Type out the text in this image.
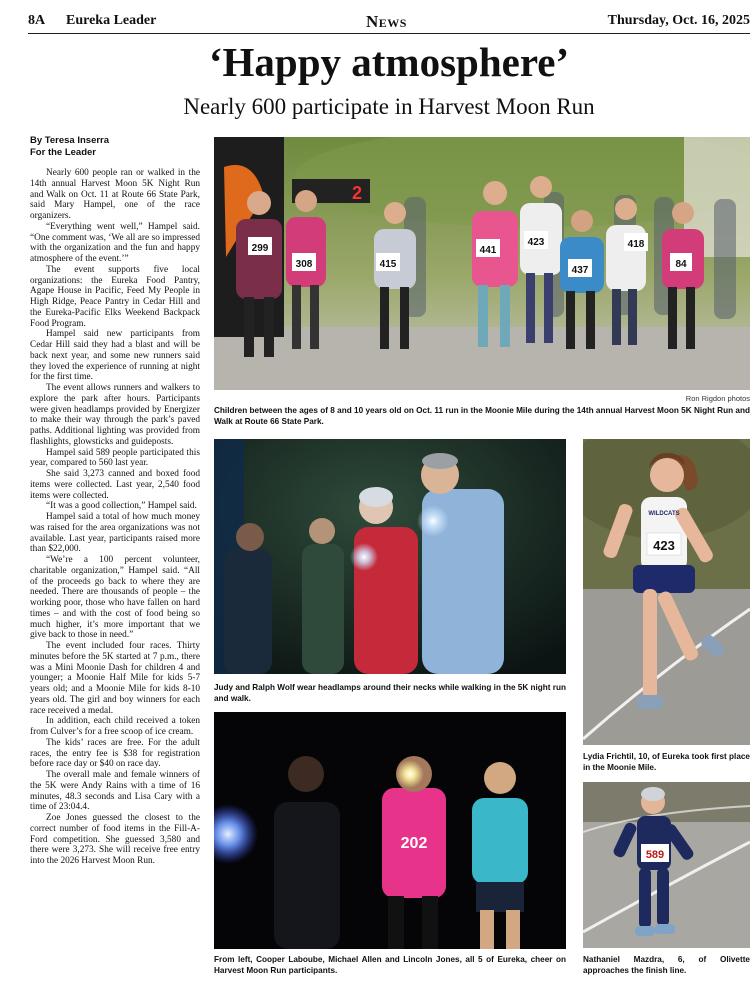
8A Eureka Leader	News	Thursday, Oct. 16, 2025
‘Happy atmosphere’
Nearly 600 participate in Harvest Moon Run
By Teresa Inserra
For the Leader

Nearly 600 people ran or walked in the 14th annual Harvest Moon 5K Night Run and Walk on Oct. 11 at Route 66 State Park, said Mary Hampel, one of the race organizers.

“Everything went well,” Hampel said. “One comment was, ‘We all are so impressed with the organization and the fun and happy atmosphere of the event.’”

The event supports five local organizations: the Eureka Food Pantry, Agape House in Pacific, Feed My People in High Ridge, Peace Pantry in Cedar Hill and the Eureka-Pacific Elks Weekend Backpack Food Program.

Hampel said new participants from Cedar Hill said they had a blast and will be back next year, and some new runners said they loved the experience of running at night for the first time.

The event allows runners and walkers to explore the park after hours. Participants were given headlamps provided by Energizer to make their way through the park’s paved paths. Additional lighting was provided from flashlights, glowsticks and guideposts.

Hampel said 589 people participated this year, compared to 560 last year.

She said 3,273 canned and boxed food items were collected. Last year, 2,540 food items were collected.

“It was a good collection,” Hampel said.

Hampel said a total of how much money was raised for the area organizations was not available. Last year, participants raised more than $22,000.

“We’re a 100 percent volunteer, charitable organization,” Hampel said. “All of the proceeds go back to where they are needed. There are thousands of people – the working poor, those who have fallen on hard times – and with the cost of food being so much higher, it’s more important that we give back to those in need.”

The event included four races. Thirty minutes before the 5K started at 7 p.m., there was a Mini Moonie Dash for children 4 and younger; a Moonie Half Mile for kids 5-7 years old; and a Moonie Mile for kids 8-10 years old. The girl and boy winners for each race received a medal.

In addition, each child received a token from Culver’s for a free scoop of ice cream.

The kids’ races are free. For the adult races, the entry fee is $38 for registration before race day or $40 on race day.

The overall male and female winners of the 5K were Andy Rains with a time of 16 minutes, 48.3 seconds and Lisa Cary with a time of 23:04.4.

Zoe Jones guessed the closest to the correct number of food items in the Fill-A-Ford competition. She guessed 3,580 and there were 3,273. She will receive free entry into the 2026 Harvest Moon Run.

2
299
308	415
441
423
437
418
84
Ron Rigdon photos
Children between the ages of 8 and 10 years old on Oct. 11 run in the Moonie Mile during the 14th annual Harvest Moon 5K Night Run and Walk at Route 66 State Park.
Judy and Ralph Wolf wear headlamps around their necks while walking in the 5K night run and walk.
WILDCATS
423
Lydia Frichtil, 10, of Eureka took first place in the Moonie Mile.
202
From left, Cooper Laboube, Michael Allen and Lincoln Jones, all 5 of Eureka, cheer on Harvest Moon Run participants.
589
Nathaniel Mazdra, 6, of Olivette approaches the finish line.
